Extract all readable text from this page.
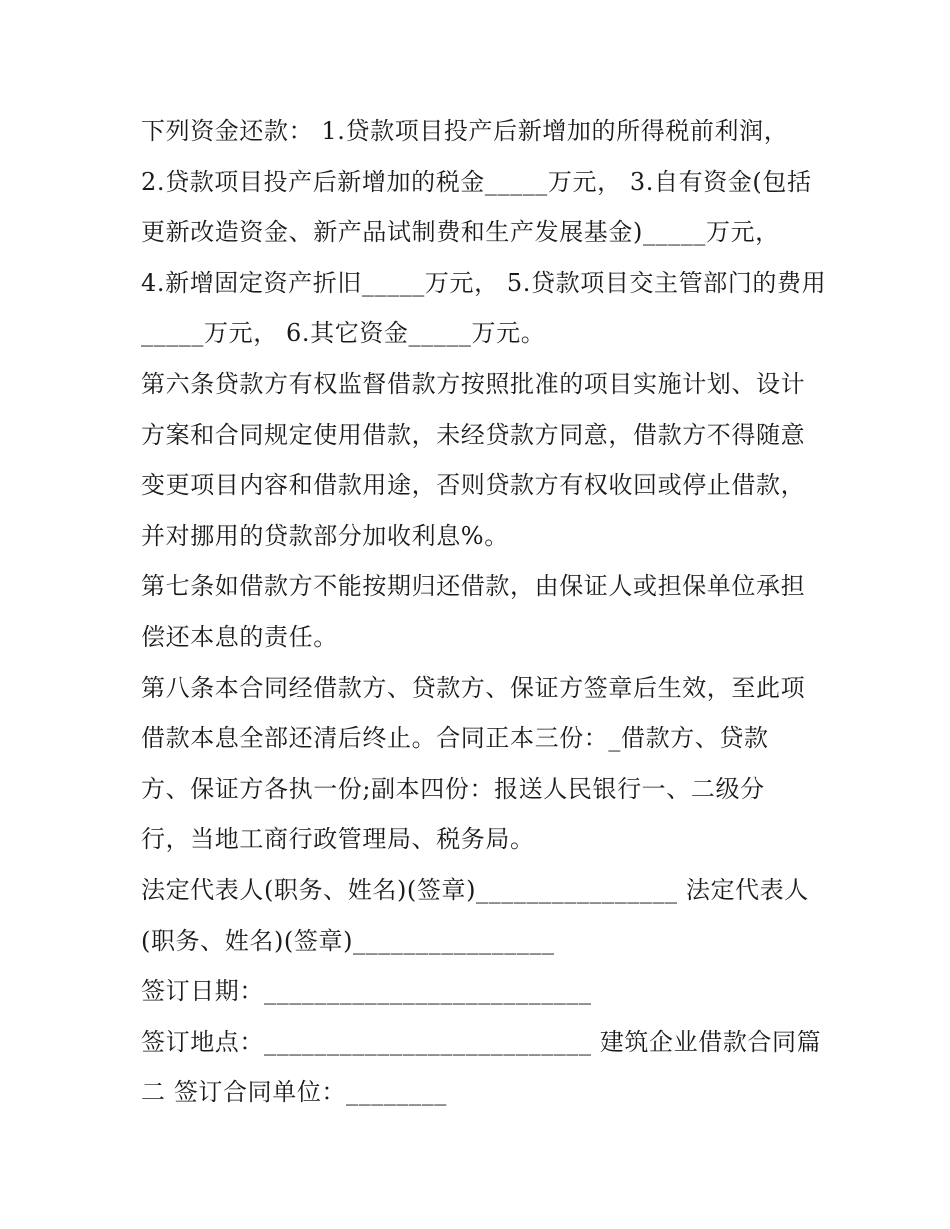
下列资金还款： 1.贷款项目投产后新增加的所得税前利润，
2.贷款项目投产后新增加的税金_____万元， 3.自有资金(包括
更新改造资金、新产品试制费和生产发展基金)_____万元，
4.新增固定资产折旧_____万元， 5.贷款项目交主管部门的费用
_____万元， 6.其它资金_____万元。
第六条贷款方有权监督借款方按照批准的项目实施计划、设计
方案和合同规定使用借款，未经贷款方同意，借款方不得随意
变更项目内容和借款用途，否则贷款方有权收回或停止借款，
并对挪用的贷款部分加收利息%。
第七条如借款方不能按期归还借款，由保证人或担保单位承担
偿还本息的责任。
第八条本合同经借款方、贷款方、保证方签章后生效，至此项
借款本息全部还清后终止。合同正本三份：_借款方、贷款
方、保证方各执一份;副本四份：报送人民银行一、二级分
行，当地工商行政管理局、税务局。
法定代表人(职务、姓名)(签章)________________ 法定代表人
(职务、姓名)(签章)________________
签订日期：__________________________
签订地点：__________________________ 建筑企业借款合同篇
二 签订合同单位：________
